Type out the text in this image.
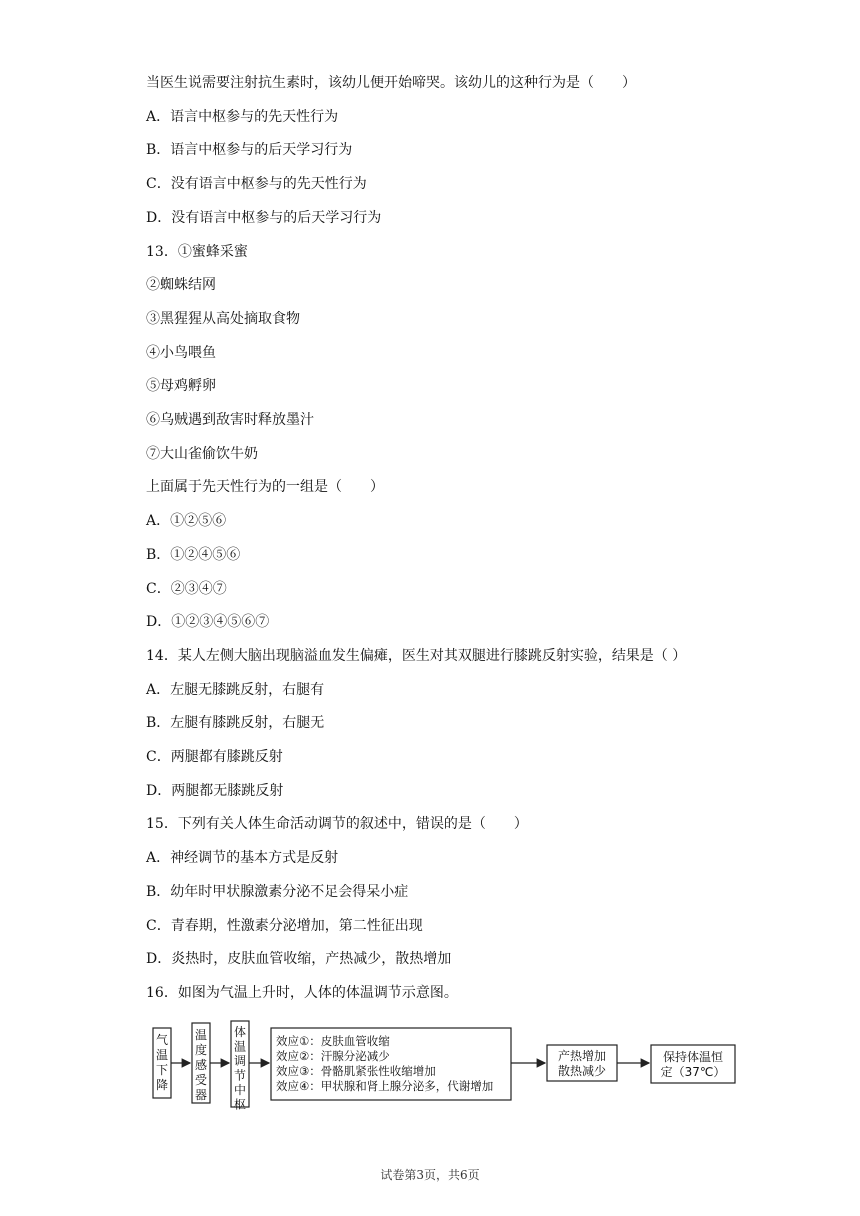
当医生说需要注射抗生素时，该幼儿便开始啼哭。该幼儿的这种行为是（　　）
A．语言中枢参与的先天性行为
B．语言中枢参与的后天学习行为
C．没有语言中枢参与的先天性行为
D．没有语言中枢参与的后天学习行为
13．①蜜蜂采蜜
②蜘蛛结网
③黑猩猩从高处摘取食物
④小鸟喂鱼
⑤母鸡孵卵
⑥乌贼遇到敌害时释放墨汁
⑦大山雀偷饮牛奶
上面属于先天性行为的一组是（　　）
A．①②⑤⑥
B．①②④⑤⑥
C．②③④⑦
D．①②③④⑤⑥⑦
14．某人左侧大脑出现脑溢血发生偏瘫，医生对其双腿进行膝跳反射实验，结果是（ ）
A．左腿无膝跳反射，右腿有
B．左腿有膝跳反射，右腿无
C．两腿都有膝跳反射
D．两腿都无膝跳反射
15．下列有关人体生命活动调节的叙述中，错误的是（　　）
A．神经调节的基本方式是反射
B．幼年时甲状腺激素分泌不足会得呆小症
C．青春期，性激素分泌增加，第二性征出现
D．炎热时，皮肤血管收缩，产热减少，散热增加
16．如图为气温上升时，人体的体温调节示意图。
气
温
下
降
温
度
感
受
器
体
温
调
节
中
枢
效应①：皮肤血管收缩
效应②：汗腺分泌减少
效应③：骨骼肌紧张性收缩增加
效应④：甲状腺和肾上腺分泌多，代谢增加
产热增加
散热减少
保持体温恒
定（37℃）
试卷第3页，共6页
